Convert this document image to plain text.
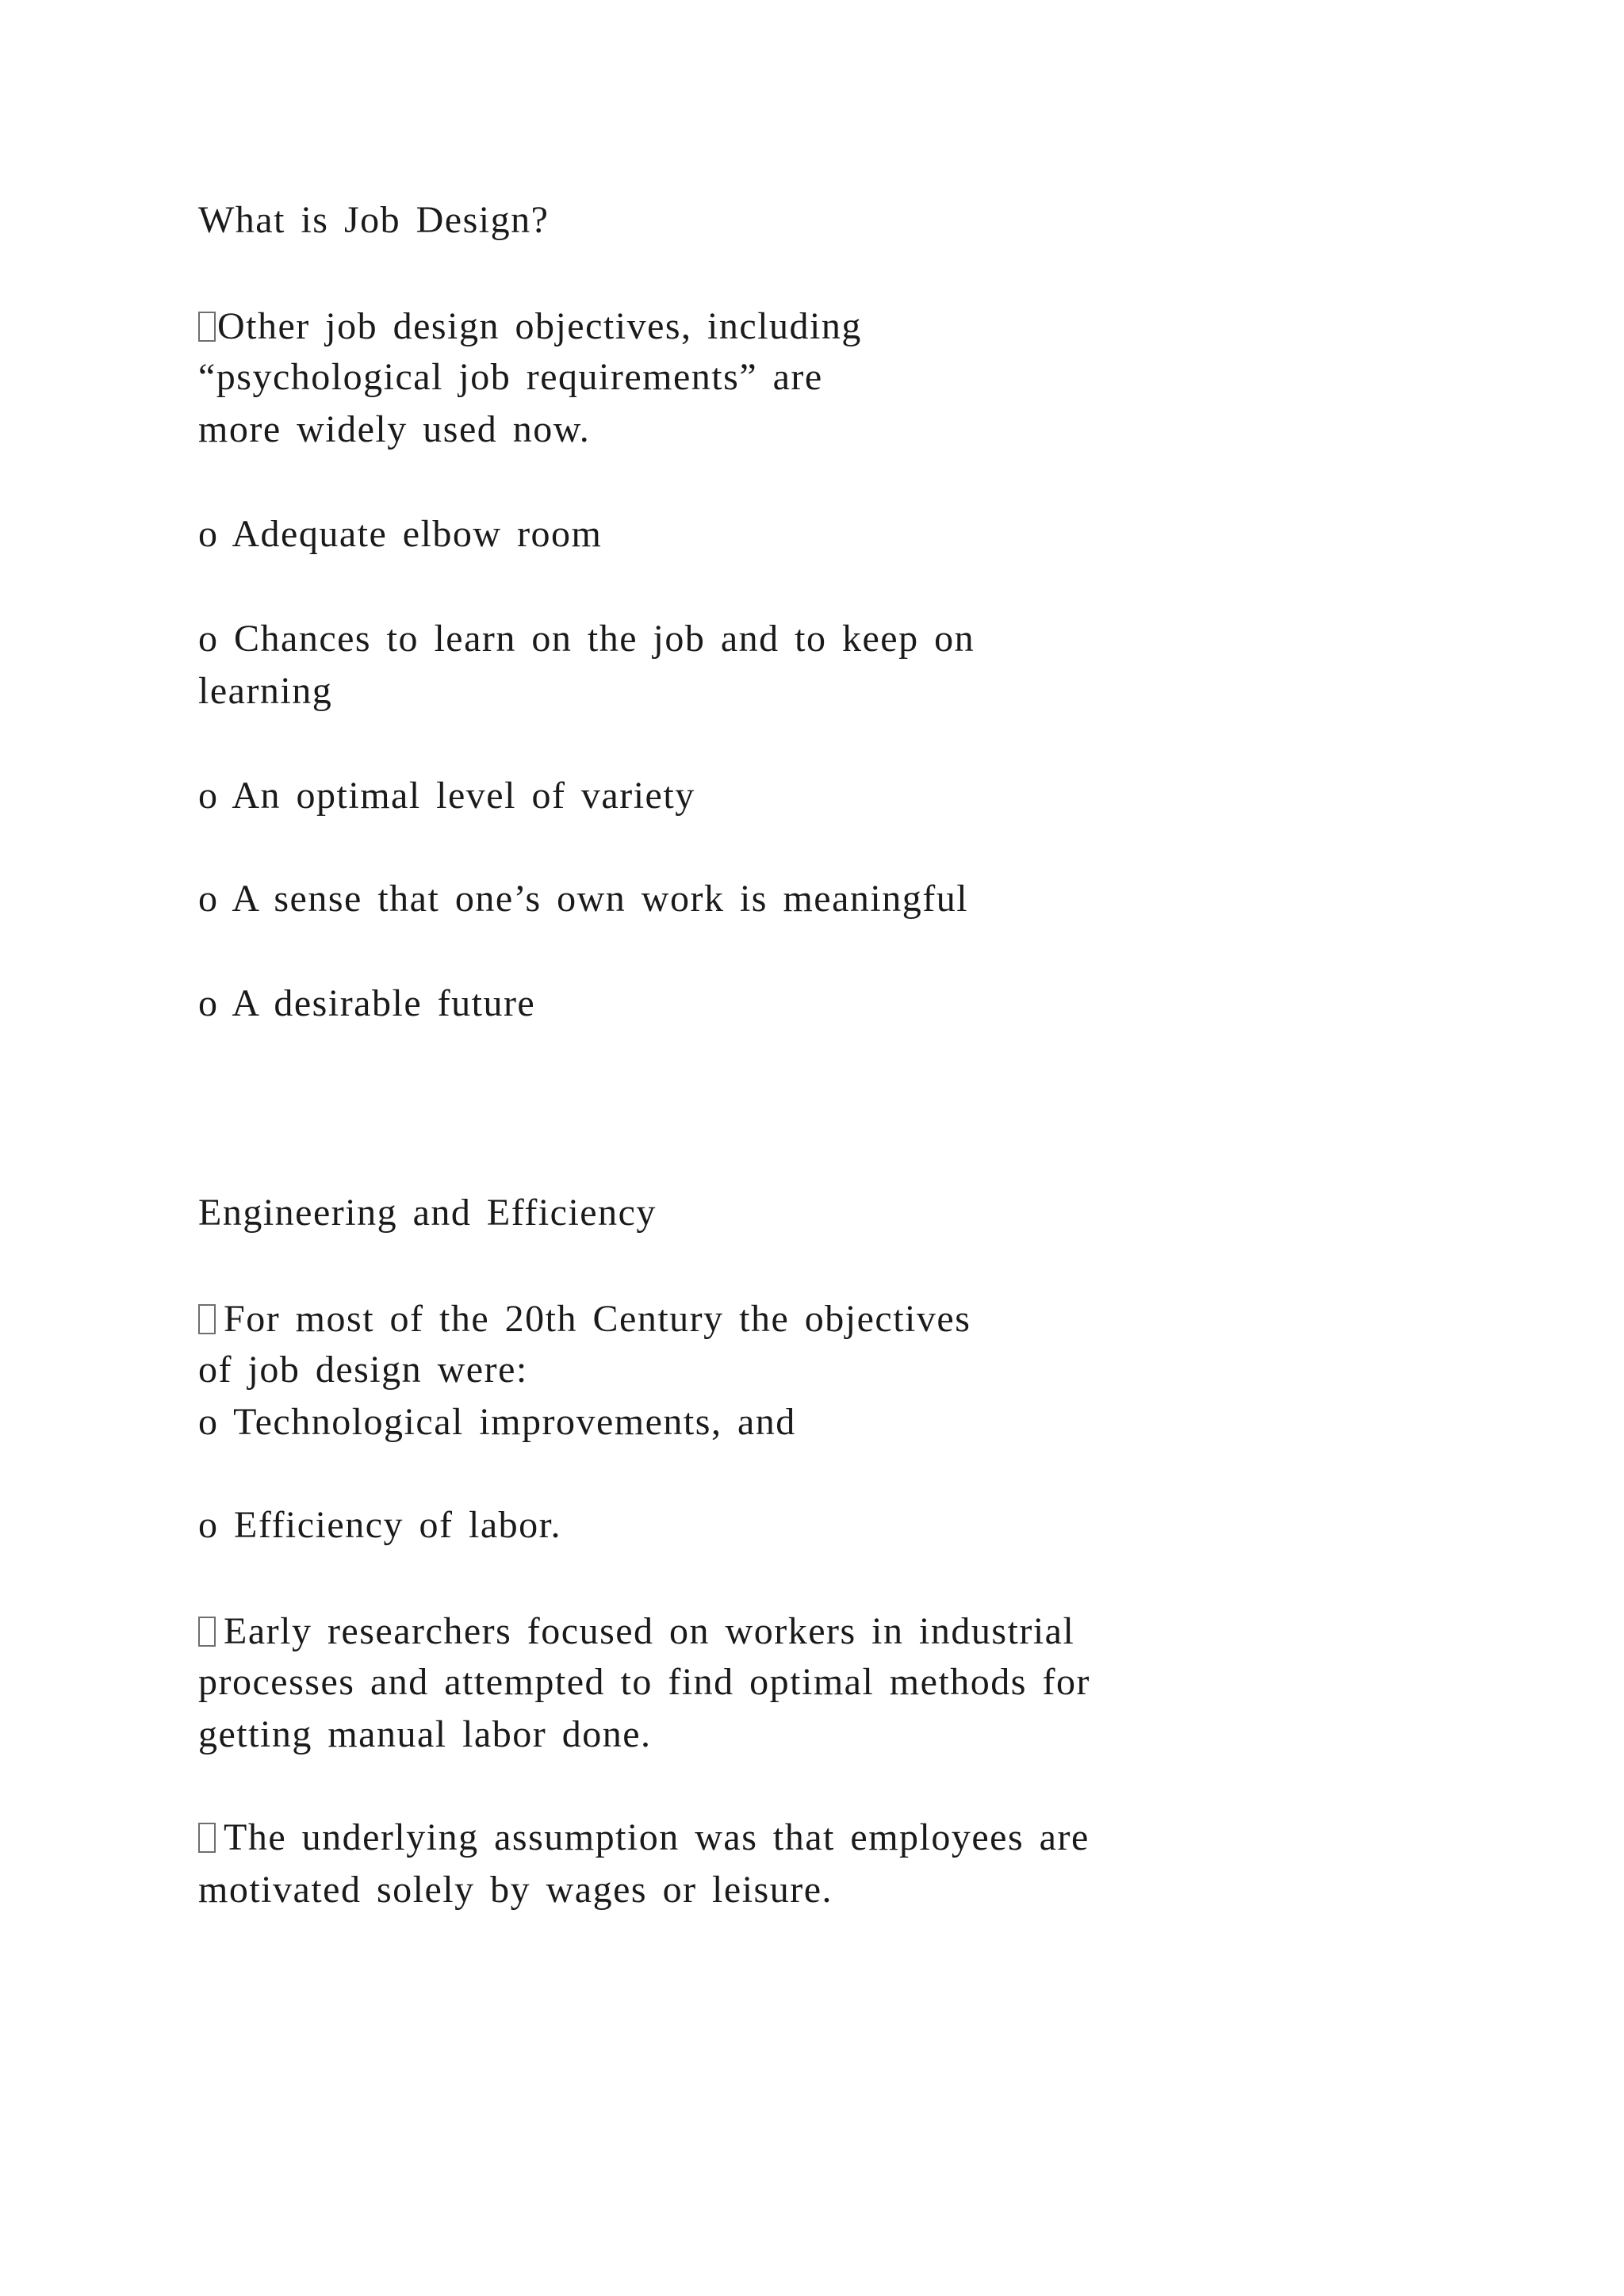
What is Job Design?
Other job design objectives, including
“psychological job requirements” are
more widely used now.
o Adequate elbow room
o Chances to learn on the job and to keep on
learning
o An optimal level of variety
o A sense that one’s own work is meaningful
o A desirable future
Engineering and Efficiency
For most of the 20th Century the objectives
of job design were:
o Technological improvements, and
o Efficiency of labor.
Early researchers focused on workers in industrial
processes and attempted to find optimal methods for
getting manual labor done.
The underlying assumption was that employees are
motivated solely by wages or leisure.
